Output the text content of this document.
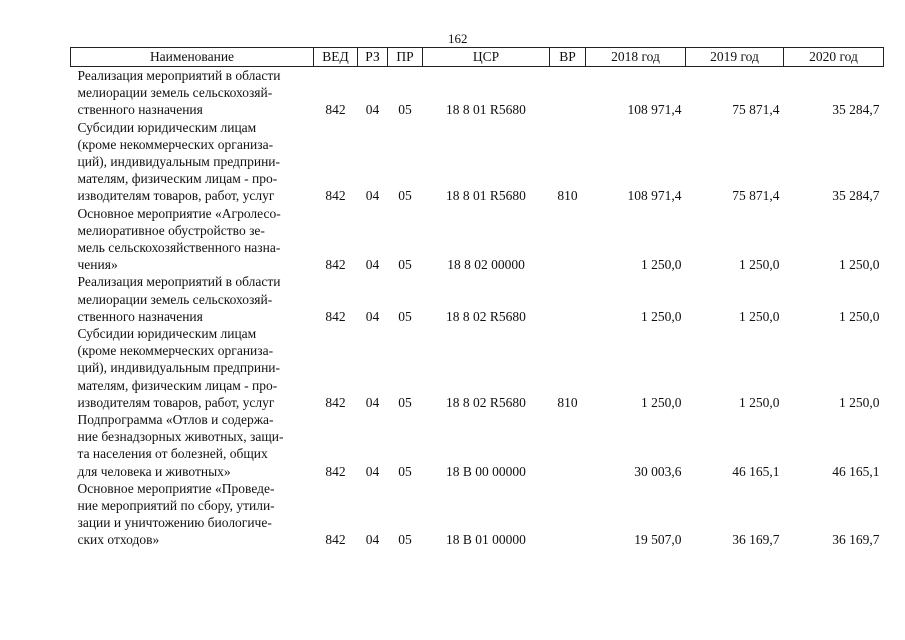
162
Наименование	ВЕД	РЗ	ПР	ЦСР	ВР	2018 год	2019 год	2020 год

Реализация мероприятий в области
мелиорации земель сельскохозяй-
ственного назначения	842	04	05	18 8 01 R5680		108 971,4	75 871,4	35 284,7

Субсидии юридическим лицам
(кроме некоммерческих организа-
ций), индивидуальным предприни-
мателям, физическим лицам - про-
изводителям товаров, работ, услуг	842	04	05	18 8 01 R5680	810	108 971,4	75 871,4	35 284,7

Основное мероприятие «Агролесо-
мелиоративное обустройство зе-
мель сельскохозяйственного назна-
чения»	842	04	05	18 8 02 00000		1 250,0	1 250,0	1 250,0

Реализация мероприятий в области
мелиорации земель сельскохозяй-
ственного назначения	842	04	05	18 8 02 R5680		1 250,0	1 250,0	1 250,0

Субсидии юридическим лицам
(кроме некоммерческих организа-
ций), индивидуальным предприни-
мателям, физическим лицам - про-
изводителям товаров, работ, услуг	842	04	05	18 8 02 R5680	810	1 250,0	1 250,0	1 250,0

Подпрограмма «Отлов и содержа-
ние безнадзорных животных, защи-
та населения от болезней, общих
для человека и животных»	842	04	05	18 В 00 00000		30 003,6	46 165,1	46 165,1

Основное мероприятие «Проведе-
ние мероприятий по сбору, утили-
зации и уничтожению биологиче-
ских отходов»	842	04	05	18 В 01 00000		19 507,0	36 169,7	36 169,7
